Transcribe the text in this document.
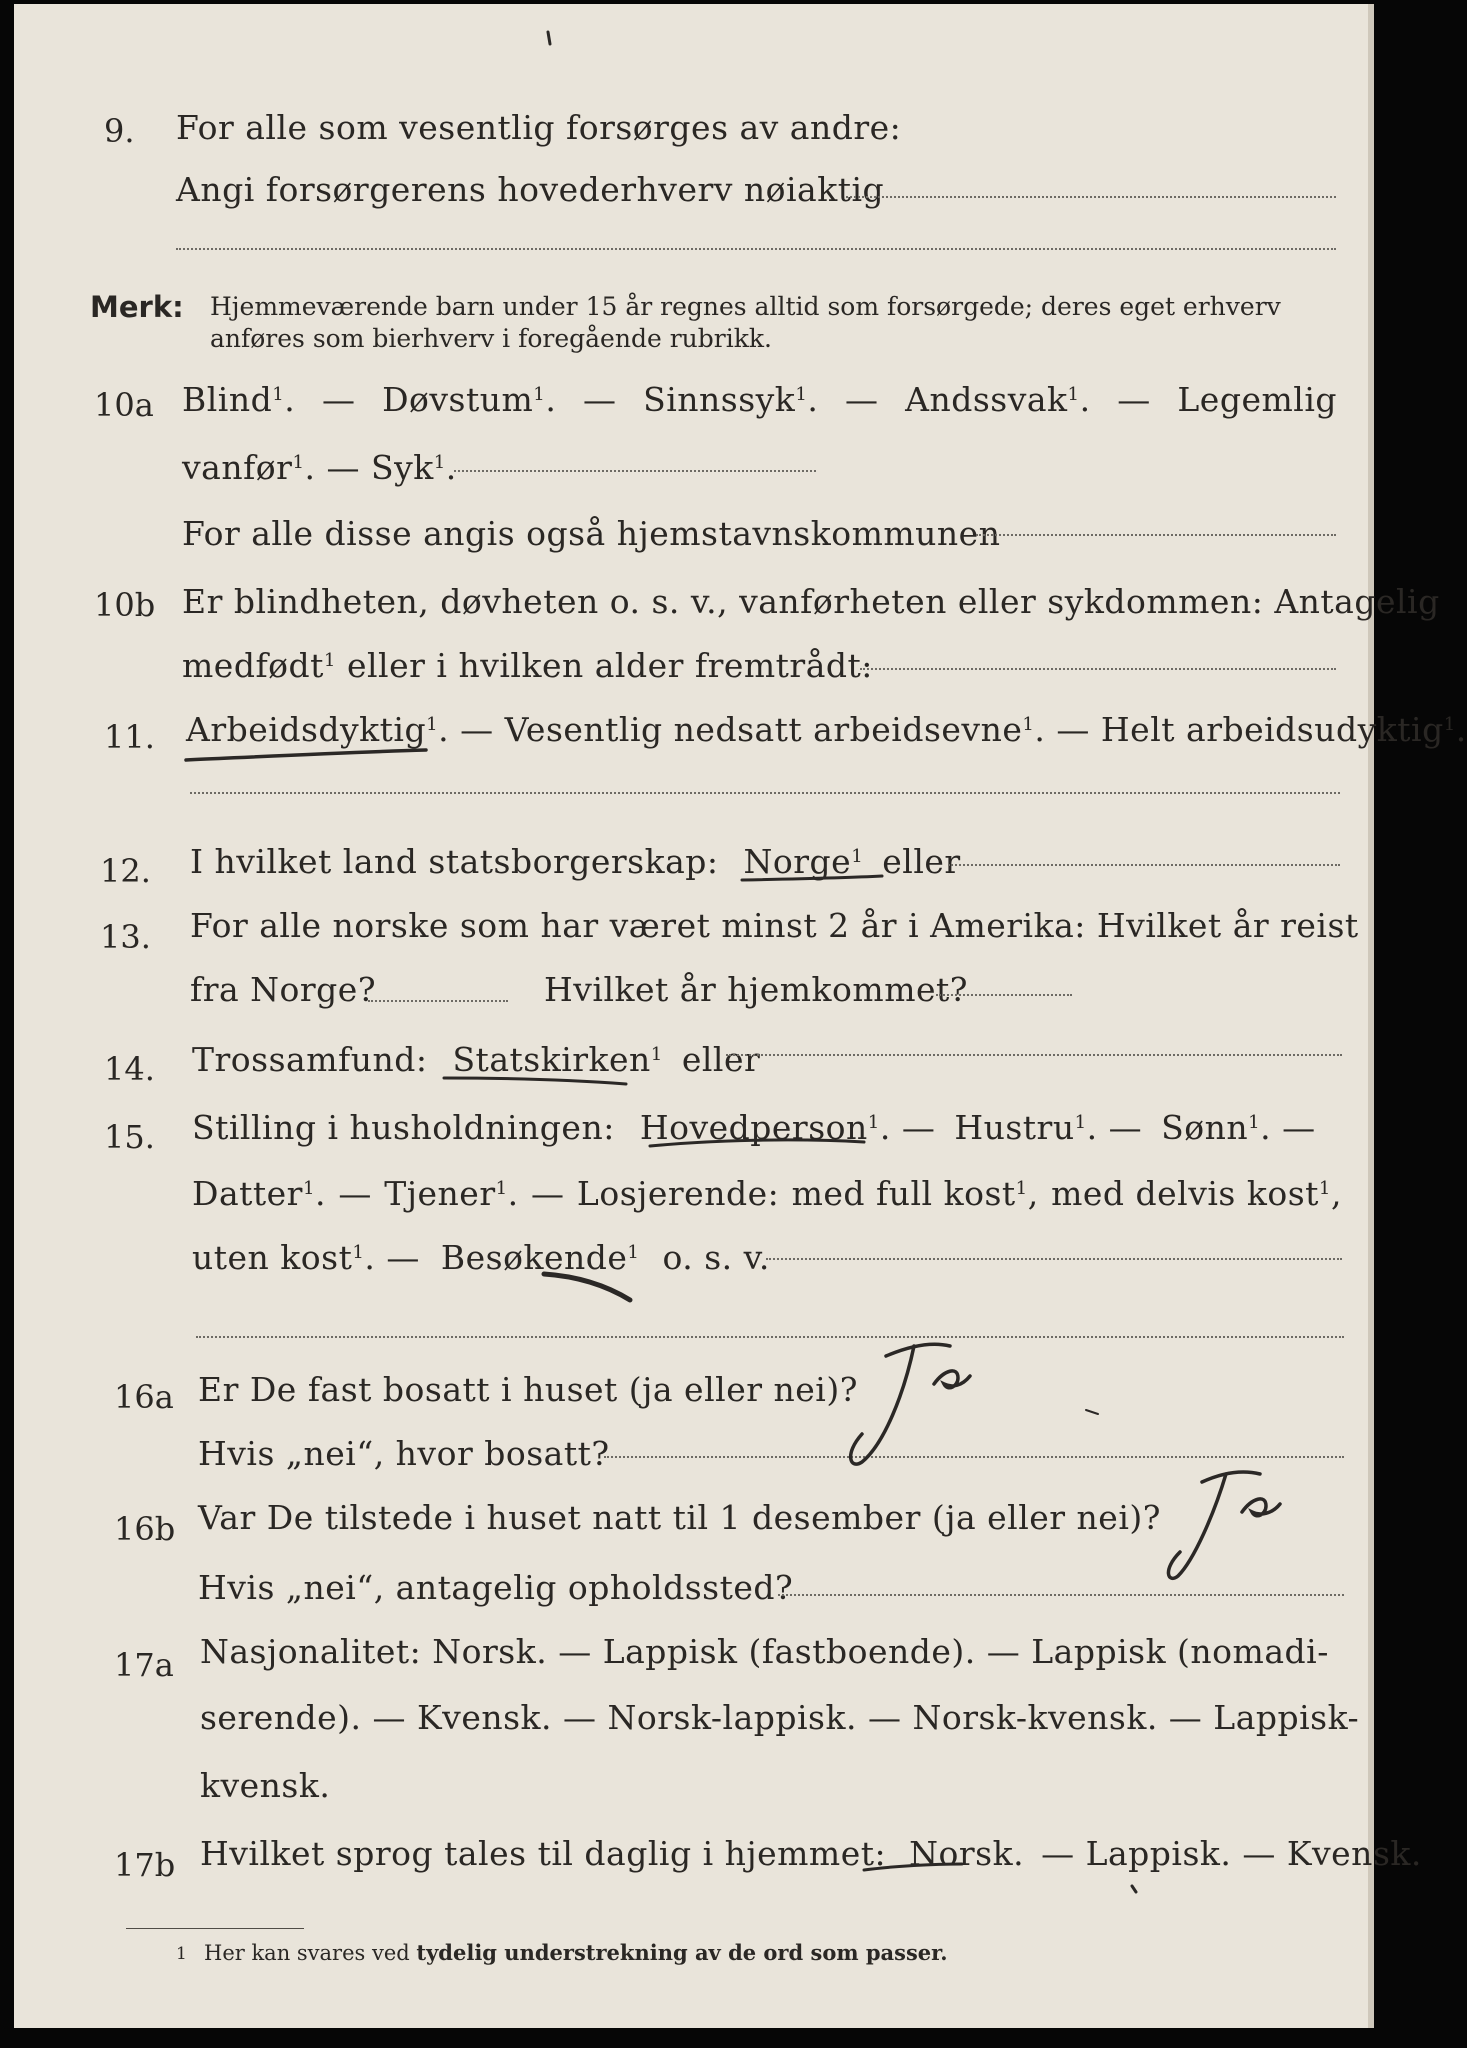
9. For alle som vesentlig forsørges av andre:
Angi forsørgerens hovederhverv nøiaktig
Merk: Hjemmeværende barn under 15 år regnes alltid som forsørgede; deres eget erhverv
anføres som bierhverv i foregående rubrikk.
10a Blind$^1$. — Døvstum$^1$. — Sinnssyk$^1$. — Andssvak$^1$. — Legemlig
vanfør$^1$. — Syk$^1$.
For alle disse angis også hjemstavnskommunen
10b Er blindheten, døvheten o. s. v., vanførheten eller sykdommen: Antagelig
medfødt$^1$ eller i hvilken alder fremtrådt:
11. Arbeidsdyktig$^1$. — Vesentlig nedsatt arbeidsevne$^1$. — Helt arbeidsudyktig$^1$.
12. I hvilket land statsborgerskap: Norge$^1$ eller
13. For alle norske som har været minst 2 år i Amerika: Hvilket år reist
fra Norge?	Hvilket år hjemkommet?
14. Trossamfund: Statskirken$^1$ eller
15. Stilling i husholdningen: Hovedperson$^1$. — Hustru$^1$. — Sønn$^1$. —
Datter$^1$. — Tjener$^1$. — Losjerende: med full kost$^1$, med delvis kost$^1$,
uten kost$^1$. — Besøkende$^1$ o. s. v.
16a Er De fast bosatt i huset (ja eller nei)?
Hvis „nei“, hvor bosatt?
16b Var De tilstede i huset natt til 1 desember (ja eller nei)?
Hvis „nei“, antagelig opholdssted?
17a Nasjonalitet: Norsk. — Lappisk (fastboende). — Lappisk (nomadi-
serende). — Kvensk. — Norsk-lappisk. — Norsk-kvensk. — Lappisk-
kvensk.
17b Hvilket sprog tales til daglig i hjemmet: Norsk. — Lappisk. — Kvensk.
1 Her kan svares ved tydelig understrekning av de ord som passer.
